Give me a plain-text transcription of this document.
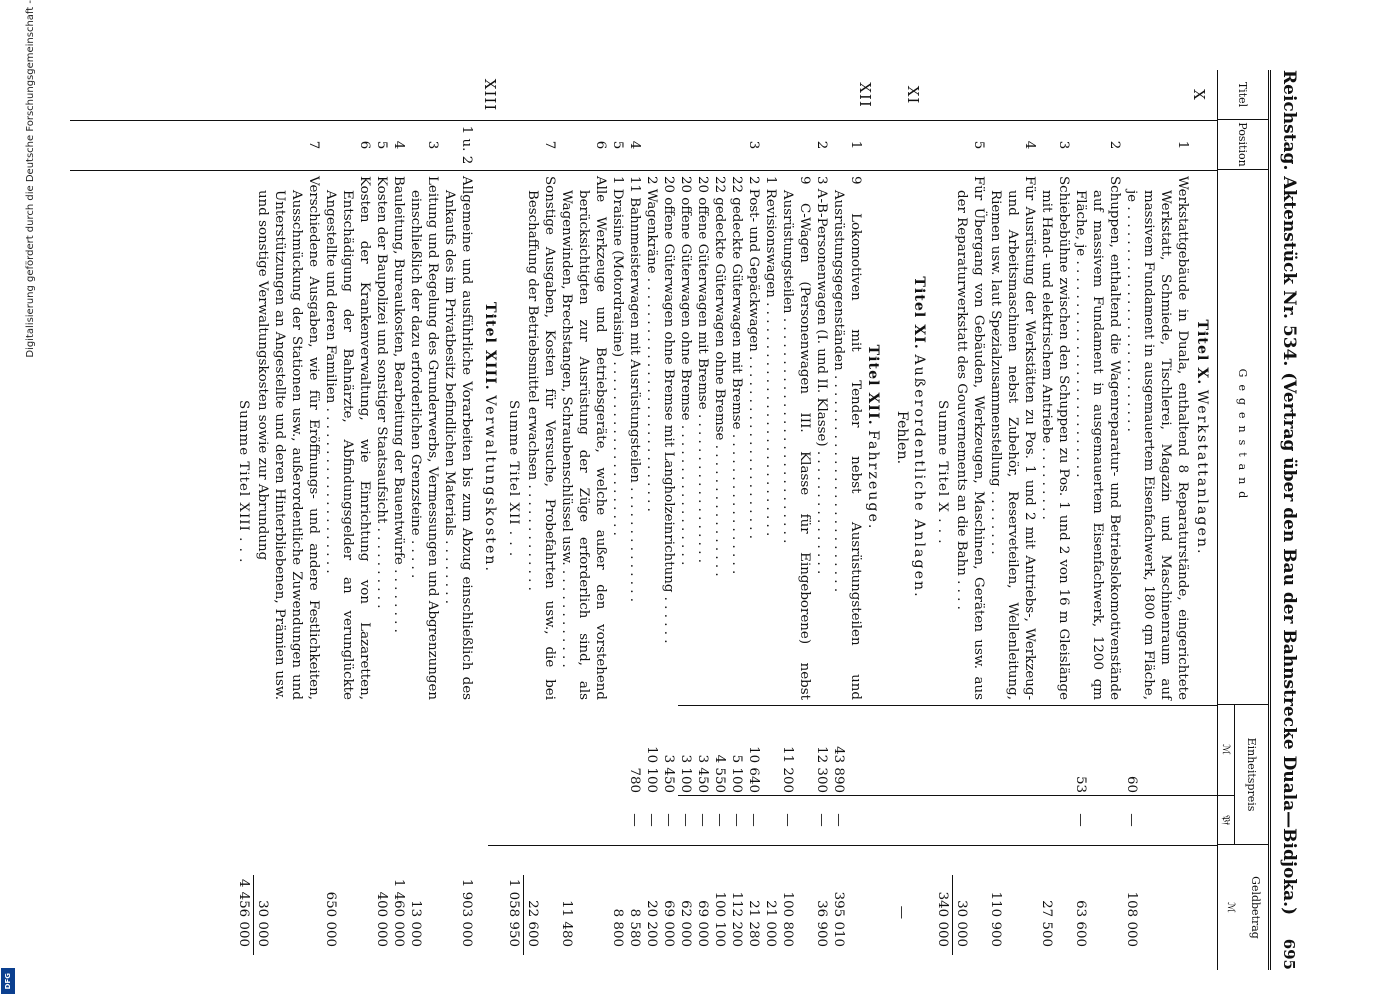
Digitalisierung gefördert durch die Deutsche Forschungsgemeinschaft -
DFG
Reichstag. Aktenstück Nr. 534. (Vertrag über den Bau der Bahnstrecke Duala—Bidjoka.)
695
Titel
Position
Gegenstand
Einheitspreis
ℳ
𝔓𝔣
Geldbetrag
ℳ
X
Titel X. Werkstattanlagen.
1
Werkstattgebäude in Duala, enthaltend 8 Reparaturstände, eingerichtete Werkstatt, Schmiede, Tischlerei, Magazin und Maschinenraum auf massivem Fundament in ausgemauertem Eisenfachwerk, 1800 qm Fläche, je . . . . . . . . . . . . . . . . . . . . . . . . . . .
60
—
108 000
2
Schuppen, enthaltend die Wagenreparatur- und Betriebslokomotivenstände auf massivem Fundament in ausgemauertem Eisenfachwerk, 1200 qm Fläche, je . . . . . . . . . . . . . . . . . . . . . . . . . .
53
—
63 600
3
Schiebebühne zwischen den Schuppen zu Pos. 1 und 2 von 16 m Gleislänge mit Hand- und elektrischem Antriebe . . . . . . . . .
27 500
4
Für Ausrüstung der Werkstätten zu Pos. 1 und 2 mit Antriebs-, Werkzeug- und Arbeitsmaschinen nebst Zubehör, Reserveteilen, Wellenleitung, Riemen usw. laut Spezialzusammenstellung . . . . . . . .
110 900
5
Für Übergang von Gebäuden, Werkzeugen, Maschinen, Geräten usw. aus der Reparaturwerkstatt des Gouvernements an die Bahn . . . .
30 000
Summe Titel X . . .
340 000
XI
Titel XI. Außerordentliche Anlagen.
Fehlen.
—
XII
Titel XII. Fahrzeuge.
1
9 Lokomotiven mit Tender nebst Ausrüstungsteilen und Ausrüstungsgegenständen . . . . . . . . . . . . . . . . . . . . . . . . . .
43 890
—
395 010
2
3 A-B-Personenwagen (I. und II. Klasse) . . . . . . . . . . . . . . .
12 300
—
36 900
9 C-Wagen (Personenwagen III. Klasse für Eingeborene) nebst Ausrüstungsteilen . . . . . . . . . . . . . . . . . . . . . . . . . . .
11 200
—
100 800
1 Revisionswagen . . . . . . . . . . . . . . . . . . . . . . . . . . . .
21 000
3
2 Post- und Gepäckwagen . . . . . . . . . . . . . . . . . . . . . .
10 640
—
21 280
22 gedeckte Güterwagen mit Bremse . . . . . . . . . . . . . . . . .
5 100
—
112 200
22 gedeckte Güterwagen ohne Bremse . . . . . . . . . . . . . . . .
4 550
—
100 100
20 offene Güterwagen mit Bremse . . . . . . . . . . . . . . . . . .
3 450
—
69 000
20 offene Güterwagen ohne Bremse . . . . . . . . . . . . . . . . .
3 100
—
62 000
20 offene Güterwagen ohne Bremse mit Langholzeinrichtung . . . . . .
3 450
—
69 000
2 Wagenkräne . . . . . . . . . . . . . . . . . . . . . . . . . . . .
10 100
—
20 200
4
11 Bahnmeisterwagen mit Ausrüstungsteilen . . . . . . . . . . . . . .
780
—
8 580
5
1 Draisine (Motordraisine) . . . . . . . . . . . . . . . . . . . . .
8 800
6
Alle Werkzeuge und Betriebsgeräte, welche außer den vorstehend berücksichtigten zur Ausrüstung der Züge erforderlich sind, als Wagenwinden, Brechstangen, Schraubenschlüssel usw. . . . . . . . . . . . .
11 480
7
Sonstige Ausgaben, Kosten für Versuche, Probefahrten usw., die bei Beschaffung der Betriebsmittel erwachsen . . . . . . . . . . . . .
22 600
Summe Titel XII . . .
1 058 950
XIII
Titel XIII. Verwaltungskosten.
1 u. 2
Allgemeine und ausführliche Vorarbeiten bis zum Abzug einschließlich des Ankaufs des im Privatbesitz befindlichen Materials . . . . . . . .
1 903 000
3
Leitung und Regelung des Grunderwerbs, Vermessungen und Abgrenzungen einschließlich der dazu erforderlichen Grenzsteine . . . . .
13 000
4
Bauleitung, Bureaukosten, Bearbeitung der Bauentwürfe . . . . . . . .
1 460 000
5
Kosten der Baupolizei und sonstiger Staatsaufsicht . . . . . . . . . .
400 000
6
Kosten der Krankenverwaltung, wie Einrichtung von Lazaretten, Entschädigung der Bahnärzte, Abfindungsgelder an verunglückte Angestellte und deren Familien . . . . . . . . . . . . . . . . . . . .
650 000
7
Verschiedene Ausgaben, wie für Eröffnungs- und andere Festlichkeiten, Ausschmückung der Stationen usw., außerordentliche Zuwendungen und Unterstützungen an Angestellte und deren Hinterbliebenen, Prämien usw. und sonstige Verwaltungskosten sowie zur Abrundung
30 000
Summe Titel XIII . . .
4 456 000
